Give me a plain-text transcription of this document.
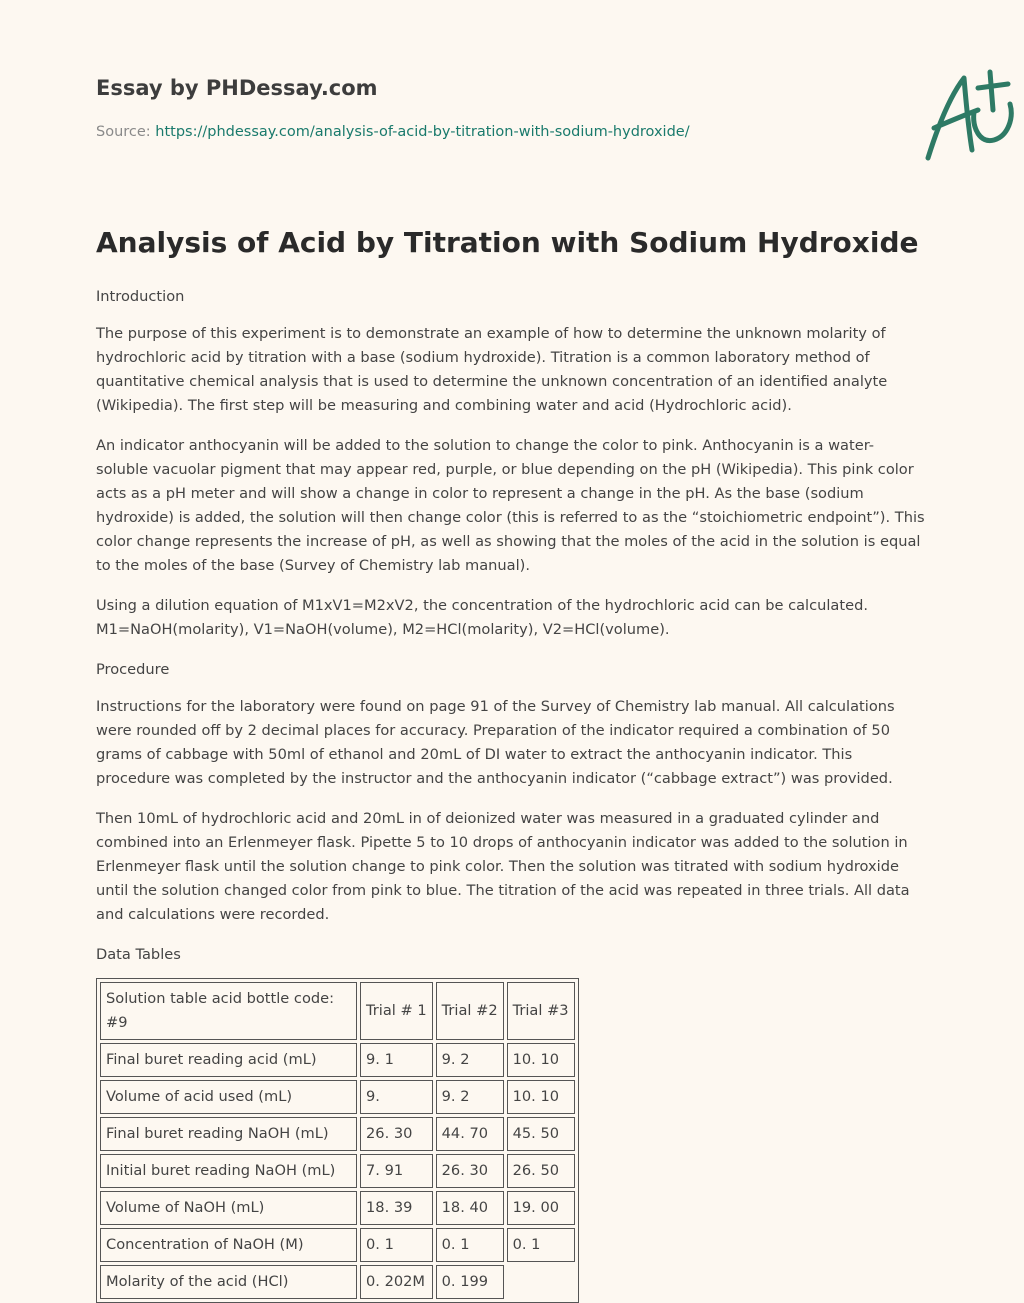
Essay by PHDessay.com
Source: https://phdessay.com/analysis-of-acid-by-titration-with-sodium-hydroxide/
Analysis of Acid by Titration with Sodium Hydroxide

Introduction

The purpose of this experiment is to demonstrate an example of how to determine the unknown molarity of hydrochloric acid by titration with a base (sodium hydroxide). Titration is a common laboratory method of quantitative chemical analysis that is used to determine the unknown concentration of an identified analyte (Wikipedia). The first step will be measuring and combining water and acid (Hydrochloric acid).

An indicator anthocyanin will be added to the solution to change the color to pink. Anthocyanin is a water-soluble vacuolar pigment that may appear red, purple, or blue depending on the pH (Wikipedia). This pink color acts as a pH meter and will show a change in color to represent a change in the pH. As the base (sodium hydroxide) is added, the solution will then change color (this is referred to as the “stoichiometric endpoint”). This color change represents the increase of pH, as well as showing that the moles of the acid in the solution is equal to the moles of the base (Survey of Chemistry lab manual).

Using a dilution equation of M1xV1=M2xV2, the concentration of the hydrochloric acid can be calculated. M1=NaOH(molarity), V1=NaOH(volume), M2=HCl(molarity), V2=HCl(volume).

Procedure

Instructions for the laboratory were found on page 91 of the Survey of Chemistry lab manual. All calculations were rounded off by 2 decimal places for accuracy. Preparation of the indicator required a combination of 50 grams of cabbage with 50ml of ethanol and 20mL of DI water to extract the anthocyanin indicator. This procedure was completed by the instructor and the anthocyanin indicator (“cabbage extract”) was provided.

Then 10mL of hydrochloric acid and 20mL in of deionized water was measured in a graduated cylinder and combined into an Erlenmeyer flask. Pipette 5 to 10 drops of anthocyanin indicator was added to the solution in Erlenmeyer flask until the solution change to pink color. Then the solution was titrated with sodium hydroxide until the solution changed color from pink to blue. The titration of the acid was repeated in three trials. All data and calculations were recorded.

Data Tables

Solution table acid bottle code: #9	Trial # 1	Trial #2	Trial #3
Final buret reading acid (mL)	9. 1	9. 2	10. 10
Volume of acid used (mL)	9.	9. 2	10. 10
Final buret reading NaOH (mL)	26. 30	44. 70	45. 50
Initial buret reading NaOH (mL)	7. 91	26. 30	26. 50
Volume of NaOH (mL)	18. 39	18. 40	19. 00
Concentration of NaOH (M)	0. 1	0. 1	0. 1
Molarity of the acid (HCl)	0. 202M	0. 199	
